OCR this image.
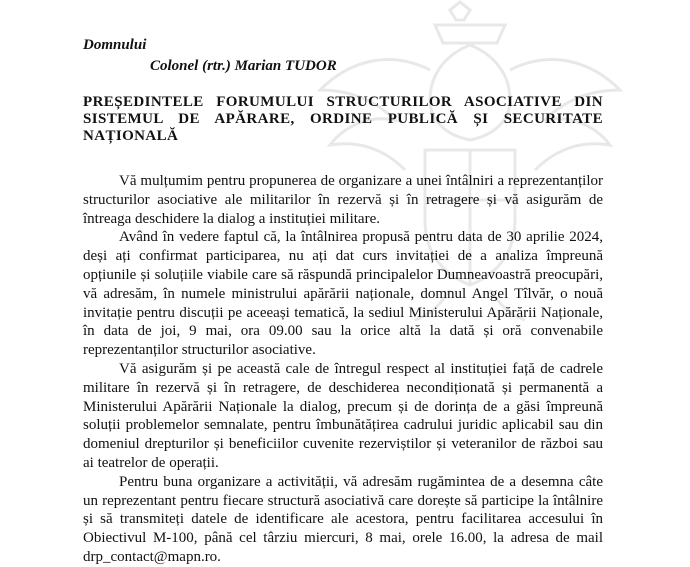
Domnului
Colonel (rtr.) Marian TUDOR
PREȘEDINTELE FORUMULUI STRUCTURILOR ASOCIATIVE DIN SISTEMUL DE APĂRARE, ORDINE PUBLICĂ ȘI SECURITATE NAȚIONALĂ

Vă mulțumim pentru propunerea de organizare a unei întâlniri a reprezentanților structurilor asociative ale militarilor în rezervă și în retragere și vă asigurăm de întreaga deschidere la dialog a instituției militare.

Având în vedere faptul că, la întâlnirea propusă pentru data de 30 aprilie 2024, deși ați confirmat participarea, nu ați dat curs invitației de a analiza împreună opțiunile și soluțiile viabile care să răspundă principalelor Dumneavoastră preocupări, vă adresăm, în numele ministrului apărării naționale, domnul Angel Tîlvăr, o nouă invitație pentru discuții pe aceeași tematică, la sediul Ministerului Apărării Naționale, în data de joi, 9 mai, ora 09.00 sau la orice altă la dată și oră convenabile reprezentanților structurilor asociative.

Vă asigurăm și pe această cale de întregul respect al instituției față de cadrele militare în rezervă și în retragere, de deschiderea necondiționată și permanentă a Ministerului Apărării Naționale la dialog, precum și de dorința de a găsi împreună soluții problemelor semnalate, pentru îmbunătățirea cadrului juridic aplicabil sau din domeniul drepturilor și beneficiilor cuvenite rezerviștilor și veteranilor de război sau ai teatrelor de operații.

Pentru buna organizare a activității, vă adresăm rugămintea de a desemna câte un reprezentant pentru fiecare structură asociativă care dorește să participe la întâlnire și să transmiteți datele de identificare ale acestora, pentru facilitarea accesului în Obiectivul M-100, până cel târziu miercuri, 8 mai, orele 16.00, la adresa de mail drp_contact@mapn.ro.
